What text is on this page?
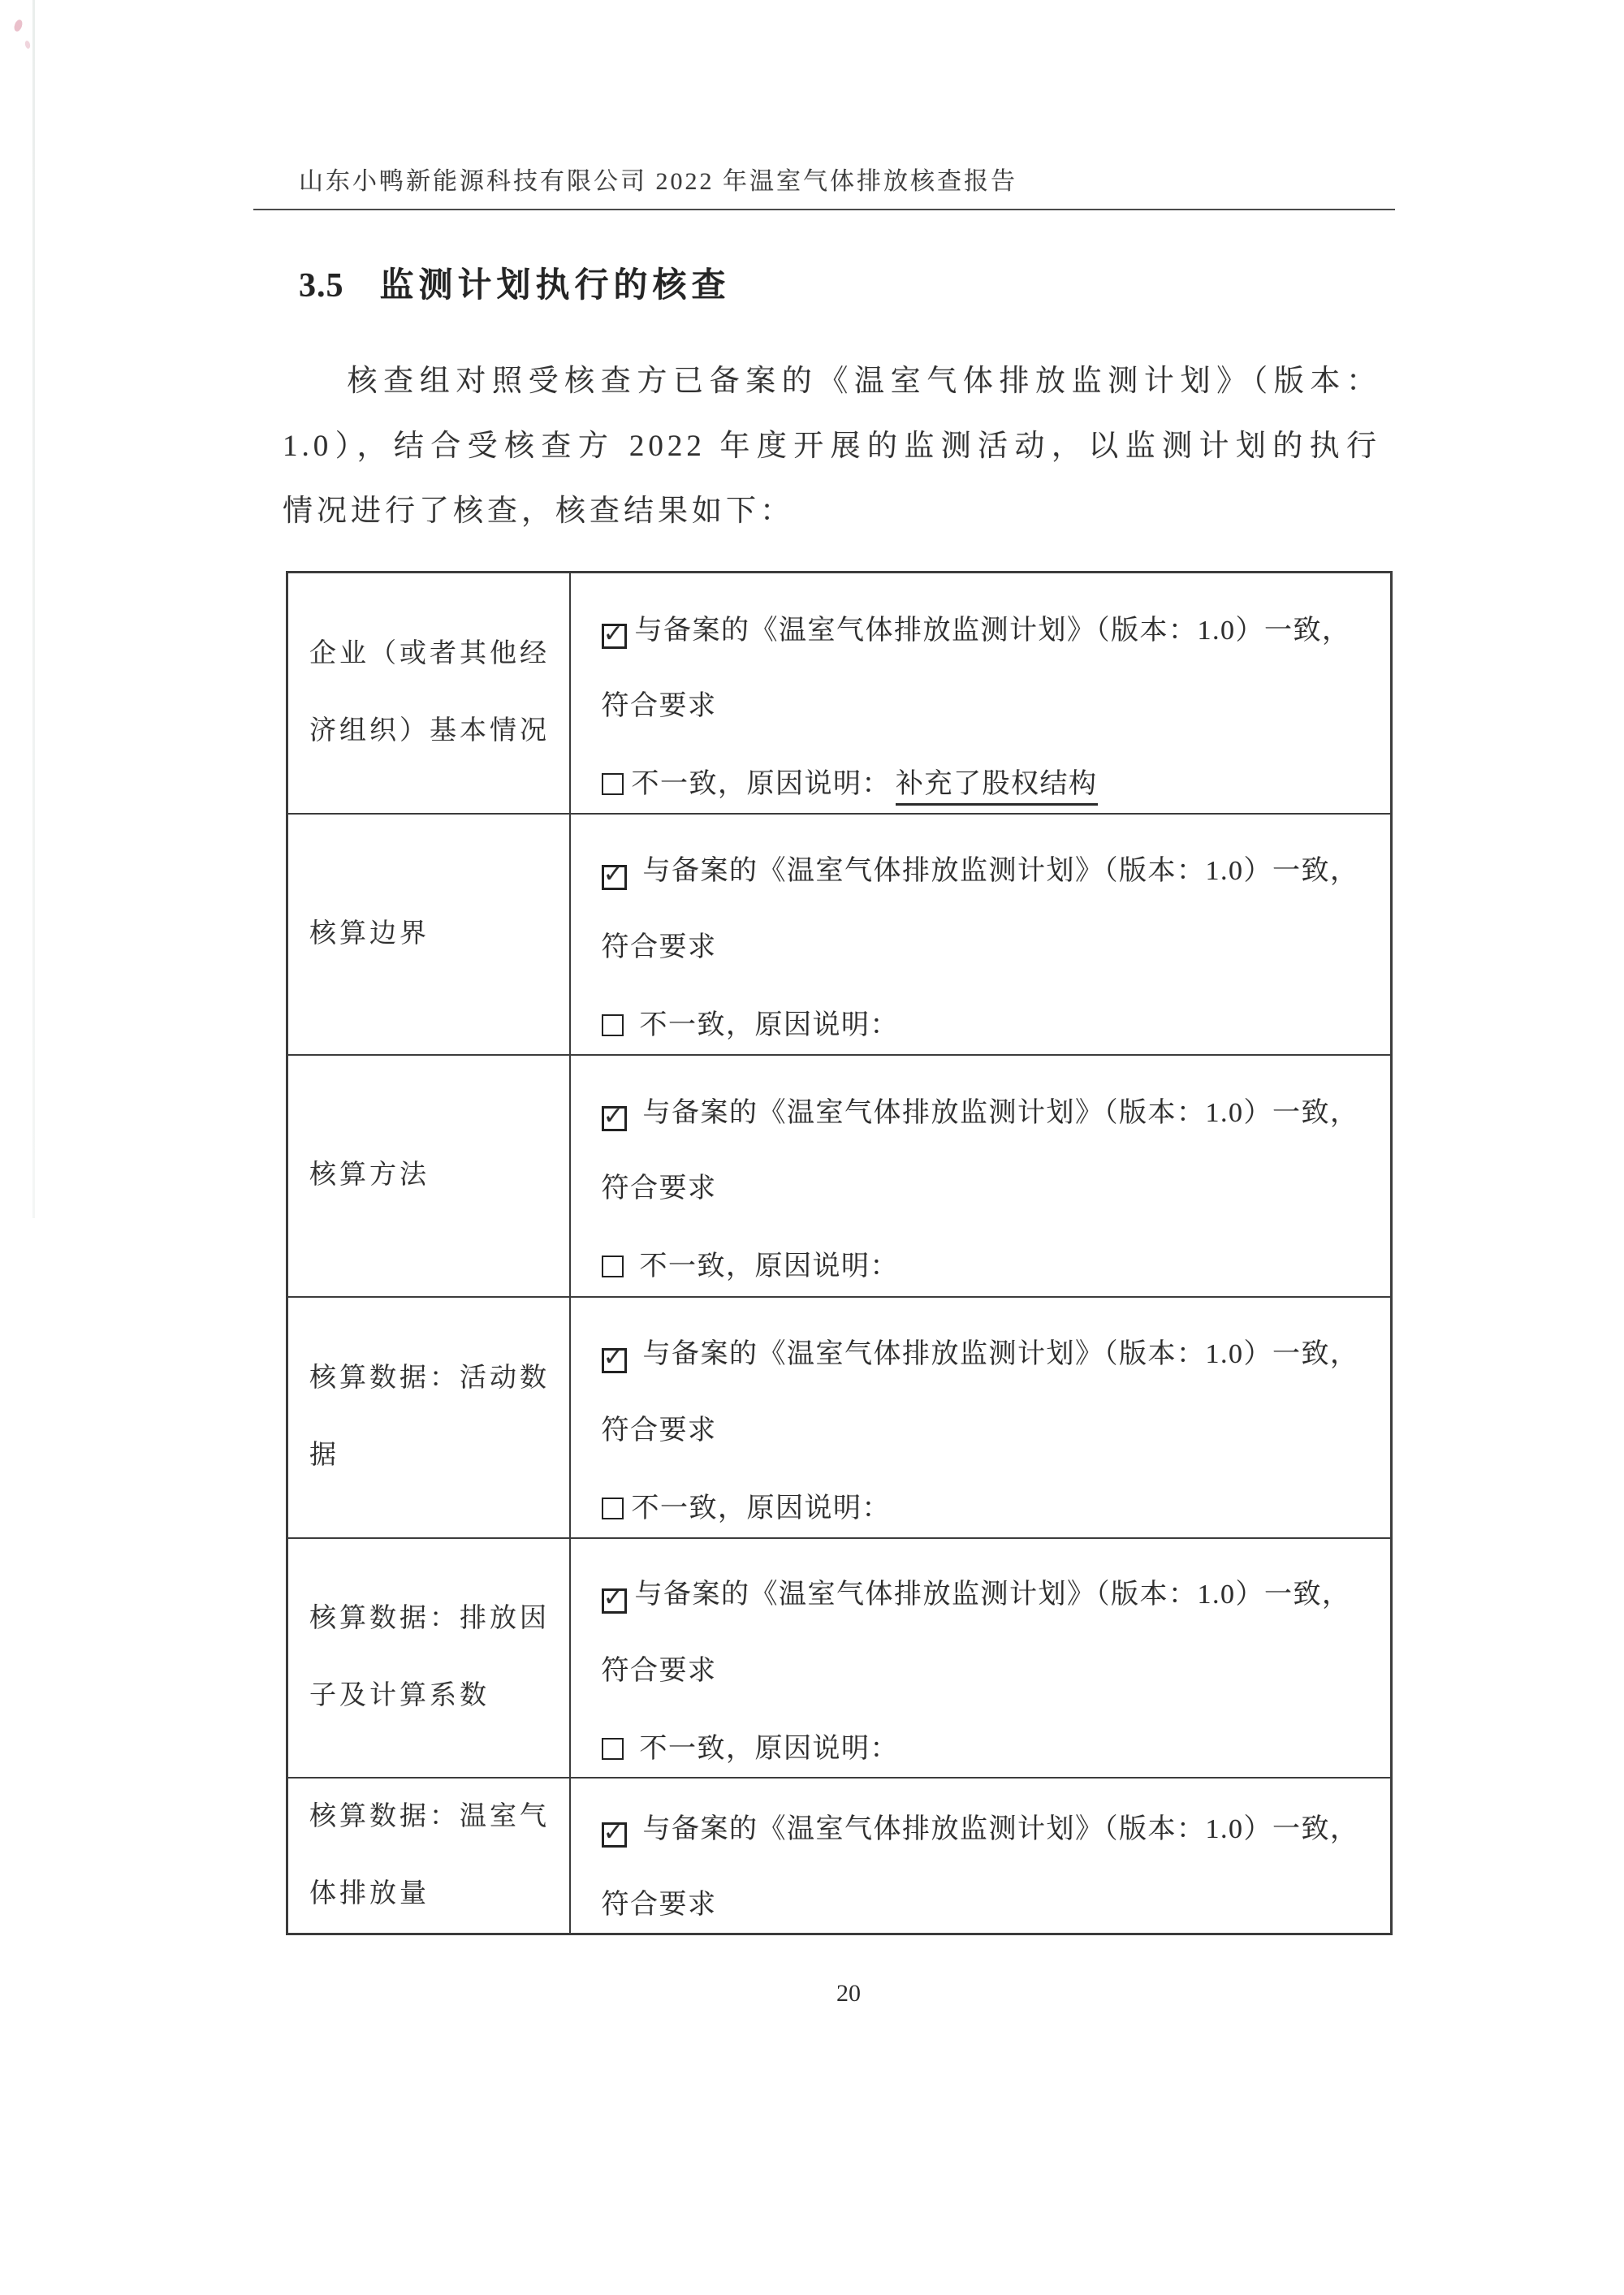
山东小鸭新能源科技有限公司 2022 年温室气体排放核查报告
3.5 监测计划执行的核查
核查组对照受核查方已备案的《温室气体排放监测计划》（版本：
1.0），结合受核查方 2022 年度开展的监测活动，以监测计划的执行
情况进行了核查，核查结果如下：
企业（或者其他经济组织）基本情况	✓ 与备案的《温室气体排放监测计划》（版本：1.0）一致，
符合要求
不一致，原因说明： 补充了股权结构

核算边界	✓ 与备案的《温室气体排放监测计划》（版本：1.0）一致，
符合要求
不一致，原因说明：

核算方法	✓ 与备案的《温室气体排放监测计划》（版本：1.0）一致，
符合要求
不一致，原因说明：

核算数据：活动数据	✓ 与备案的《温室气体排放监测计划》（版本：1.0）一致，
符合要求
不一致，原因说明：

核算数据：排放因子及计算系数	✓ 与备案的《温室气体排放监测计划》（版本：1.0）一致，
符合要求
不一致，原因说明：

核算数据：温室气体排放量	✓ 与备案的《温室气体排放监测计划》（版本：1.0）一致，
符合要求
20
